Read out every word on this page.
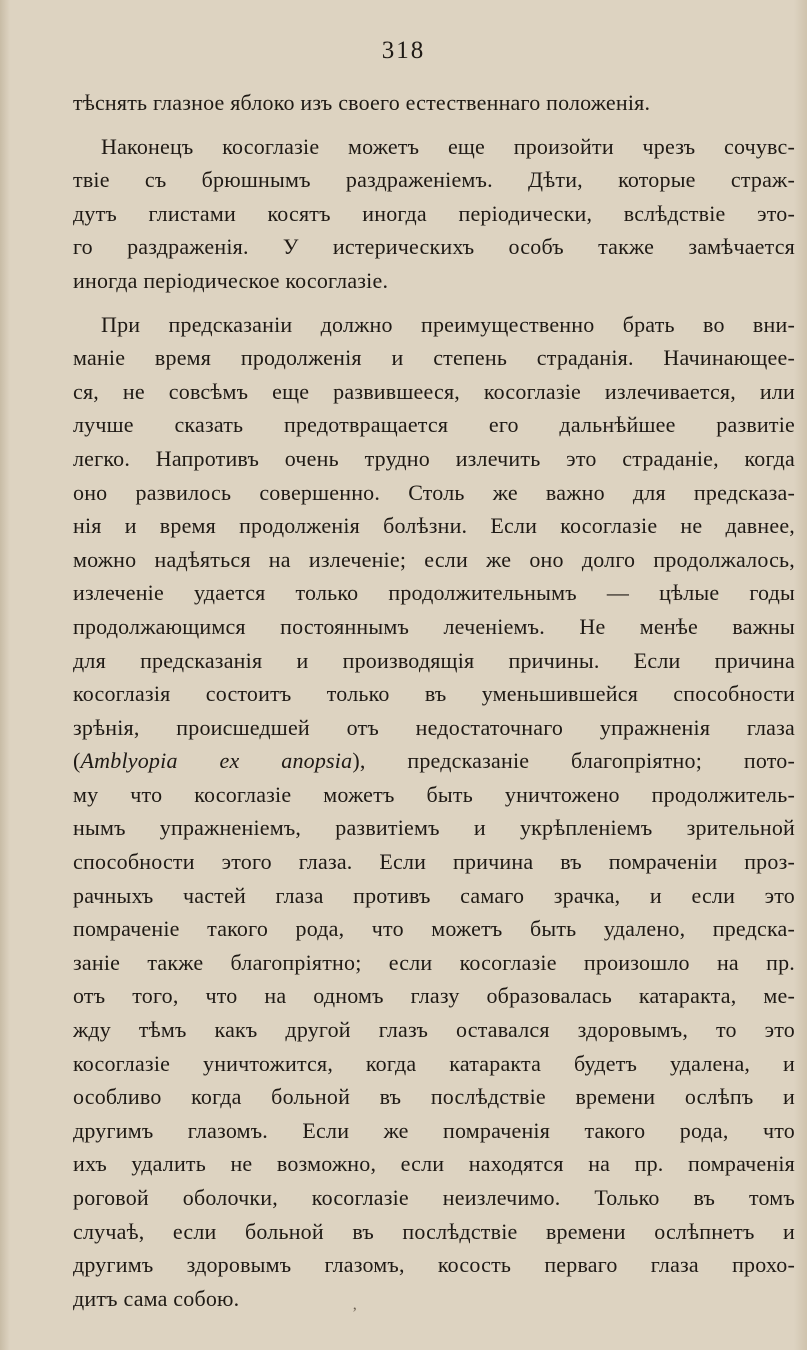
318
тѣснять глазное яблоко изъ своего естественнаго положенія.
Наконецъ косоглазіе можетъ еще произойти чрезъ сочувс-
твіе съ брюшнымъ раздраженіемъ. Дѣти, которые страж-
дутъ глистами косятъ иногда періодически, вслѣдствіе это-
го раздраженія. У истерическихъ особъ также замѣчается
иногда періодическое косоглазіе.
При предсказаніи должно преимущественно брать во вни-
маніе время продолженія и степень страданія. Начинающее-
ся, не совсѣмъ еще развившееся, косоглазіе излечивается, или
лучше сказать предотвращается его дальнѣйшее развитіе
легко. Напротивъ очень трудно излечить это страданіе, когда
оно развилось совершенно. Столь же важно для предсказа-
нія и время продолженія болѣзни. Если косоглазіе не давнее,
можно надѣяться на излеченіе; если же оно долго продолжалось,
излеченіе удается только продолжительнымъ — цѣлые годы
продолжающимся постояннымъ леченіемъ. Не менѣе важны
для предсказанія и производящія причины. Если причина
косоглазія состоитъ только въ уменьшившейся способности
зрѣнія, происшедшей отъ недостаточнаго упражненія глаза
(Amblyopia ex anopsia), предсказаніе благопріятно; пото-
му что косоглазіе можетъ быть уничтожено продолжитель-
нымъ упражненіемъ, развитіемъ и укрѣпленіемъ зрительной
способности этого глаза. Если причина въ помраченіи проз-
рачныхъ частей глаза противъ самаго зрачка, и если это
помраченіе такого рода, что можетъ быть удалено, предска-
заніе также благопріятно; если косоглазіе произошло на пр.
отъ того, что на одномъ глазу образовалась катаракта, ме-
жду тѣмъ какъ другой глазъ оставался здоровымъ, то это
косоглазіе уничтожится, когда катаракта будетъ удалена, и
особливо когда больной въ послѣдствіе времени ослѣпъ и
другимъ глазомъ. Если же помраченія такого рода, что
ихъ удалить не возможно, если находятся на пр. помраченія
роговой оболочки, косоглазіе неизлечимо. Только въ томъ
случаѣ, если больной въ послѣдствіе времени ослѣпнетъ и
другимъ здоровымъ глазомъ, косость перваго глаза прохо-
дитъ сама собою.
ʼ
